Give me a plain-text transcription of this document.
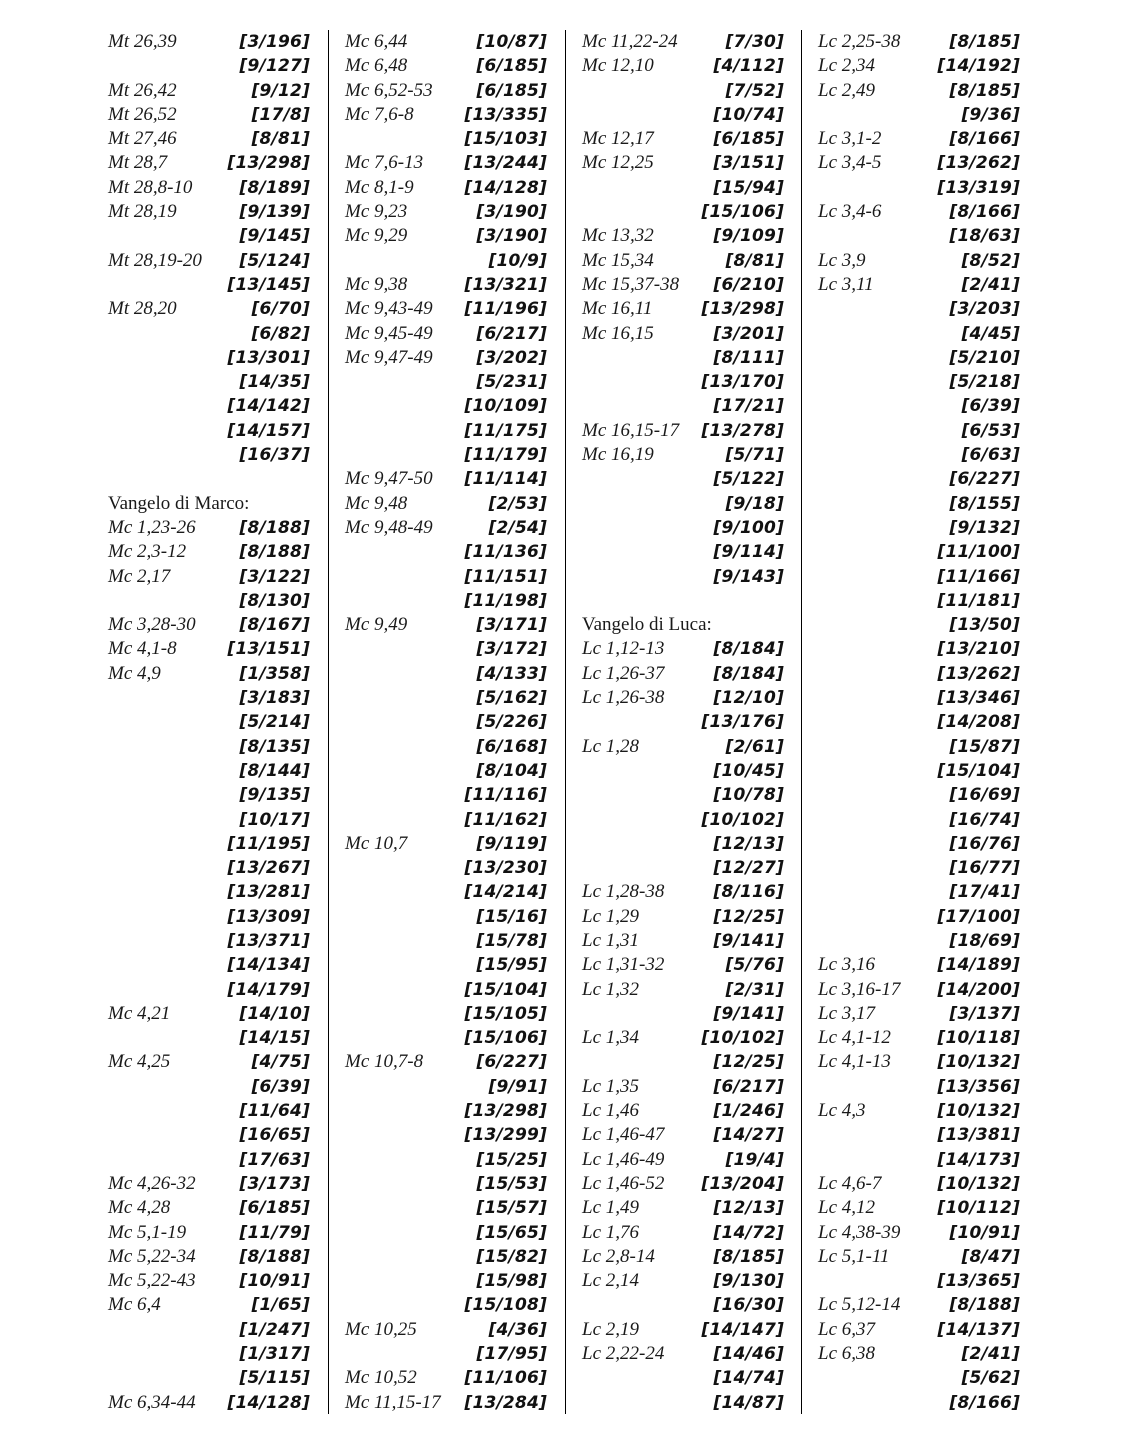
Mt 26,39	[3/196]
[9/127]
Mt 26,42	[9/12]
Mt 26,52	[17/8]
Mt 27,46	[8/81]
Mt 28,7	[13/298]
Mt 28,8-10	[8/189]
Mt 28,19	[9/139]
[9/145]
Mt 28,19-20 [5/124]
[13/145]
Mt 28,20	[6/70]
[6/82]
[13/301]
[14/35]
[14/142]
[14/157]
[16/37]
Vangelo di Marco:
Mc 1,23-26	[8/188]
Mc 2,3-12	[8/188]
Mc 2,17	[3/122]
[8/130]
Mc 3,28-30	[8/167]
Mc 4,1-8	[13/151]
Mc 4,9	[1/358]
[3/183]
[5/214]
[8/135]
[8/144]
[9/135]
[10/17]
[11/195]
[13/267]
[13/281]
[13/309]
[13/371]
[14/134]
[14/179]
Mc 4,21	[14/10]
[14/15]
Mc 4,25	[4/75]
[6/39]
[11/64]
[16/65]
[17/63]
Mc 4,26-32	[3/173]
Mc 4,28	[6/185]
Mc 5,1-19	[11/79]
Mc 5,22-34	[8/188]
Mc 5,22-43	[10/91]
Mc 6,4	[1/65]
[1/247]
[1/317]
[5/115]
Mc 6,34-44 [14/128]
Mc 6,44	[10/87]
Mc 6,48	[6/185]
Mc 6,52-53	[6/185]
Mc 7,6-8	[13/335]
[15/103]
Mc 7,6-13 [13/244]
Mc 8,1-9	[14/128]
Mc 9,23	[3/190]
Mc 9,29	[3/190]
[10/9]
Mc 9,38	[13/321]
Mc 9,43-49 [11/196]
Mc 9,45-49	[6/217]
Mc 9,47-49	[3/202]
[5/231]
[10/109]
[11/175]
[11/179]
Mc 9,47-50 [11/114]
Mc 9,48	[2/53]
Mc 9,48-49	[2/54]
[11/136]
[11/151]
[11/198]
Mc 9,49	[3/171]
[3/172]
[4/133]
[5/162]
[5/226]
[6/168]
[8/104]
[11/116]
[11/162]
Mc 10,7	[9/119]
[13/230]
[14/214]
[15/16]
[15/78]
[15/95]
[15/104]
[15/105]
[15/106]
Mc 10,7-8	[6/227]
[9/91]
[13/298]
[13/299]
[15/25]
[15/53]
[15/57]
[15/65]
[15/82]
[15/98]
[15/108]
Mc 10,25	[4/36]
[17/95]
Mc 10,52	[11/106]
Mc 11,15-17 [13/284]
Mc 11,22-24	[7/30]
Mc 12,10	[4/112]
[7/52]
[10/74]
Mc 12,17	[6/185]
Mc 12,25	[3/151]
[15/94]
[15/106]
Mc 13,32	[9/109]
Mc 15,34	[8/81]
Mc 15,37-38 [6/210]
Mc 16,11	[13/298]
Mc 16,15	[3/201]
[8/111]
[13/170]
[17/21]
Mc 16,15-17 [13/278]
Mc 16,19	[5/71]
[5/122]
[9/18]
[9/100]
[9/114]
[9/143]
Vangelo di Luca:
Lc 1,12-13	[8/184]
Lc 1,26-37	[8/184]
Lc 1,26-38	[12/10]
[13/176]
Lc 1,28	[2/61]
[10/45]
[10/78]
[10/102]
[12/13]
[12/27]
Lc 1,28-38	[8/116]
Lc 1,29	[12/25]
Lc 1,31	[9/141]
Lc 1,31-32	[5/76]
Lc 1,32	[2/31]
[9/141]
Lc 1,34	[10/102]
[12/25]
Lc 1,35	[6/217]
Lc 1,46	[1/246]
Lc 1,46-47	[14/27]
Lc 1,46-49	[19/4]
Lc 1,46-52 [13/204]
Lc 1,49	[12/13]
Lc 1,76	[14/72]
Lc 2,8-14	[8/185]
Lc 2,14	[9/130]
[16/30]
Lc 2,19	[14/147]
Lc 2,22-24	[14/46]
[14/74]
[14/87]
Lc 2,25-38	[8/185]
Lc 2,34	[14/192]
Lc 2,49	[8/185]
[9/36]
Lc 3,1-2	[8/166]
Lc 3,4-5	[13/262]
[13/319]
Lc 3,4-6	[8/166]
[18/63]
Lc 3,9	[8/52]
Lc 3,11	[2/41]
[3/203]
[4/45]
[5/210]
[5/218]
[6/39]
[6/53]
[6/63]
[6/227]
[8/155]
[9/132]
[11/100]
[11/166]
[11/181]
[13/50]
[13/210]
[13/262]
[13/346]
[14/208]
[15/87]
[15/104]
[16/69]
[16/74]
[16/76]
[16/77]
[17/41]
[17/100]
[18/69]
Lc 3,16	[14/189]
Lc 3,16-17 [14/200]
Lc 3,17	[3/137]
Lc 4,1-12	[10/118]
Lc 4,1-13	[10/132]
[13/356]
Lc 4,3	[10/132]
[13/381]
[14/173]
Lc 4,6-7	[10/132]
Lc 4,12	[10/112]
Lc 4,38-39	[10/91]
Lc 5,1-11	[8/47]
[13/365]
Lc 5,12-14	[8/188]
Lc 6,37	[14/137]
Lc 6,38	[2/41]
[5/62]
[8/166]
